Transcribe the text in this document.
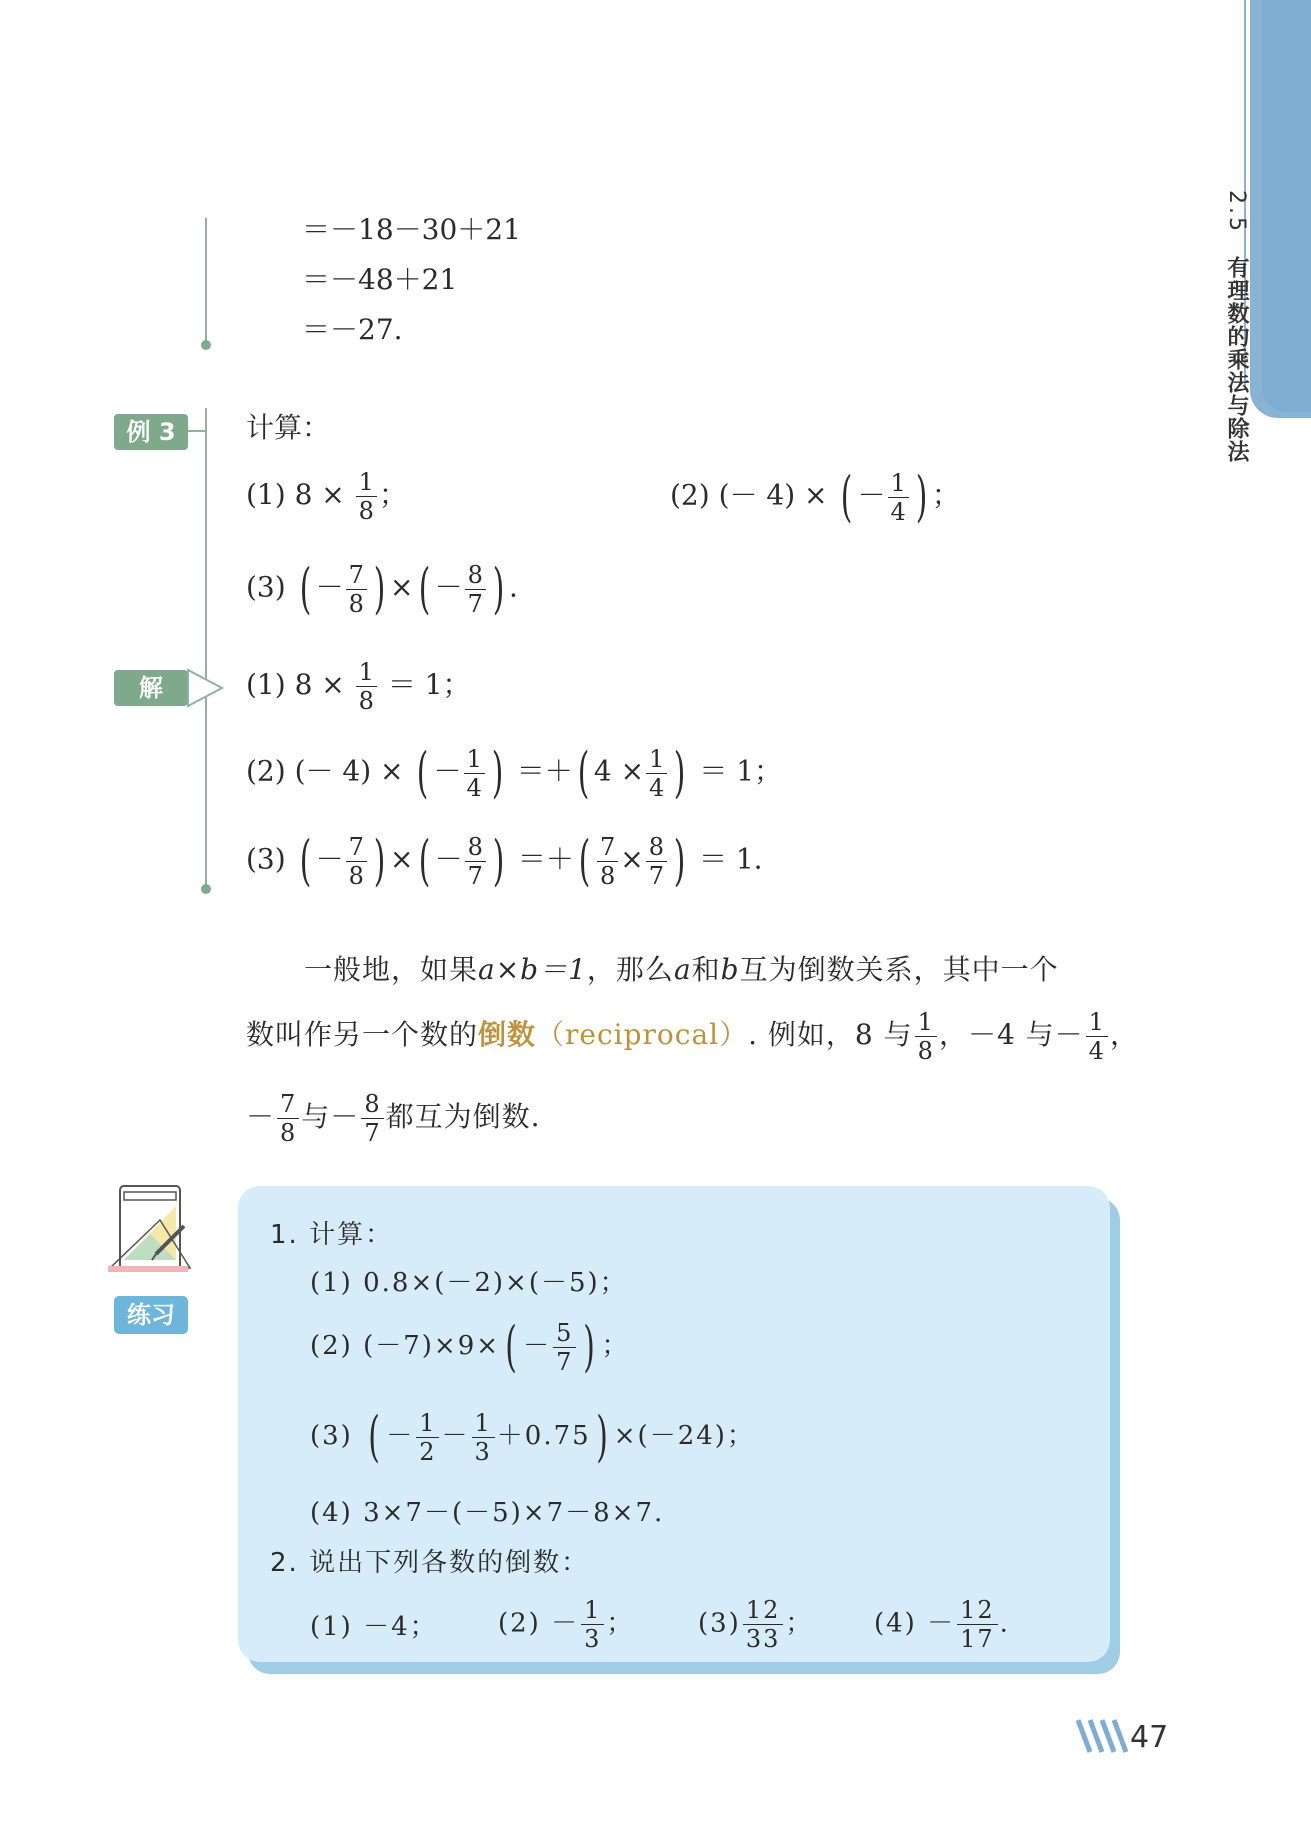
2.5有理数的乘法与除法
＝－18－30＋21
＝－48＋21
＝－27.
例 3	计算：
(1) $8 \times \frac{1}{8}$ ；	(2) (－ 4) × ( － $\frac{1}{4}$ ) ；
(3) ( － $\frac{7}{8}$ ) ×( － $\frac{8}{7}$ ) .
解	(1) $8 \times \frac{1}{8} = 1$；
(2) (－ 4) × ( － $\frac{1}{4}$ ) ＝＋( $4 \times \frac{1}{4}$ ) ＝ 1；
(3) ( － $\frac{7}{8}$ ) ×( － $\frac{8}{7}$ ) ＝＋( $\frac{7}{8} \times \frac{8}{7}$ ) ＝ 1.
一般地，如果a×b＝1，那么a和b互为倒数关系，其中一个
数叫作另一个数的倒数（reciprocal）. 例如，8 与 $\frac{1}{8}$ ，－4 与－ $\frac{1}{4}$ ，
－ $\frac{7}{8}$ 与－ $\frac{8}{7}$ 都互为倒数.
练习
1. 计算：
(1) 0.8×(－2)×(－5)；
(2) $(-7)\times 9\times( - \frac{5}{7}$ ) ；
(3) ( － $\frac{1}{2} - \frac{1}{3} +0.75) \times(-24)$；
(4) 3×7－(－5)×7－8×7.
2. 说出下列各数的倒数：
(1) －4； $(2) - \frac{1}{3}$ ； $(3) \frac{12}{33}$ ； $(4) - \frac{12}{17}$ .
47
